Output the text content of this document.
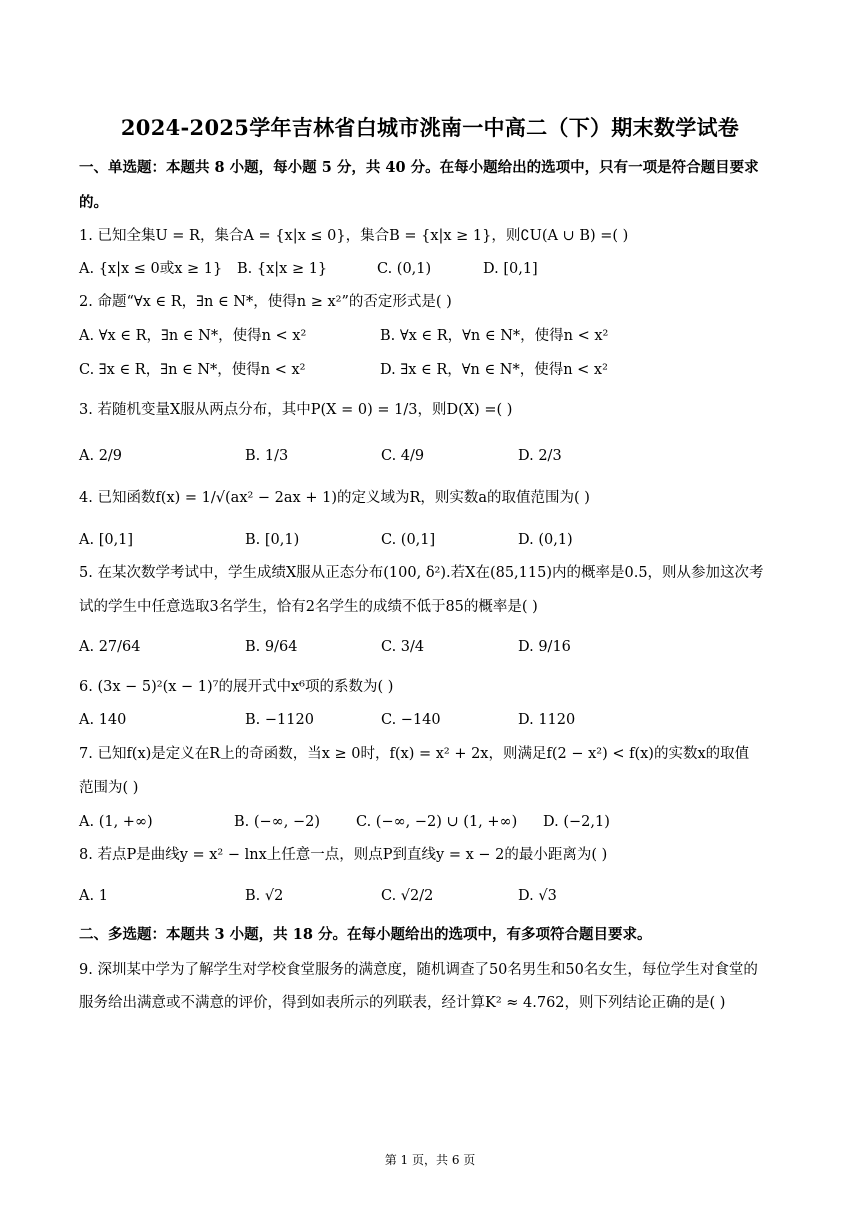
2024-2025学年吉林省白城市洮南一中高二（下）期末数学试卷
一、单选题：本题共 8 小题，每小题 5 分，共 40 分。在每小题给出的选项中，只有一项是符合题目要求
的。
1. 已知全集U = R，集合A = {x|x ≤ 0}，集合B = {x|x ≥ 1}，则∁U(A ∪ B) =( )
A. {x|x ≤ 0或x ≥ 1} B. {x|x ≥ 1}	C. (0,1)	D. [0,1]
2. 命题“∀x ∈ R，∃n ∈ N*，使得n ≥ x²”的否定形式是( )
A. ∀x ∈ R，∃n ∈ N*，使得n < x²	B. ∀x ∈ R，∀n ∈ N*，使得n < x²
C. ∃x ∈ R，∃n ∈ N*，使得n < x²	D. ∃x ∈ R，∀n ∈ N*，使得n < x²
3. 若随机变量X服从两点分布，其中P(X = 0) = 1/3，则D(X) =( )
A. 2/9	B. 1/3	C. 4/9	D. 2/3
4. 已知函数f(x) = 1/√(ax² − 2ax + 1)的定义域为R，则实数a的取值范围为( )
A. [0,1]	B. [0,1)	C. (0,1]	D. (0,1)
5. 在某次数学考试中，学生成绩X服从正态分布(100, δ²).若X在(85,115)内的概率是0.5，则从参加这次考
试的学生中任意选取3名学生，恰有2名学生的成绩不低于85的概率是( )
A. 27/64	B. 9/64	C. 3/4	D. 9/16
6. (3x − 5)²(x − 1)⁷的展开式中x⁶项的系数为( )
A. 140	B. −1120	C. −140	D. 1120
7. 已知f(x)是定义在R上的奇函数，当x ≥ 0时，f(x) = x² + 2x，则满足f(2 − x²) < f(x)的实数x的取值
范围为( )
A. (1, +∞)	B. (−∞, −2) C. (−∞, −2) ∪ (1, +∞) D. (−2,1)
8. 若点P是曲线y = x² − lnx上任意一点，则点P到直线y = x − 2的最小距离为( )
A. 1	B. √2	C. √2/2	D. √3
二、多选题：本题共 3 小题，共 18 分。在每小题给出的选项中，有多项符合题目要求。
9. 深圳某中学为了解学生对学校食堂服务的满意度，随机调查了50名男生和50名女生，每位学生对食堂的
服务给出满意或不满意的评价，得到如表所示的列联表，经计算K² ≈ 4.762，则下列结论正确的是( )
第 1 页，共 6 页
